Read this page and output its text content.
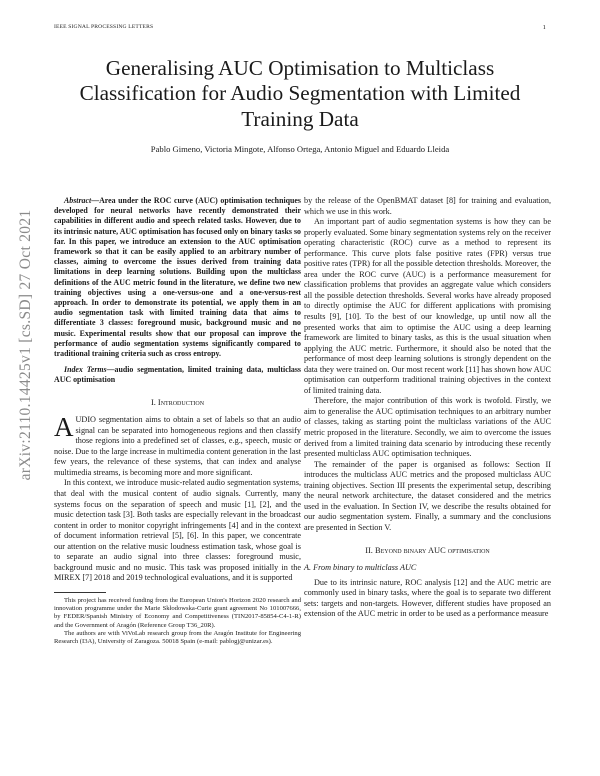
IEEE SIGNAL PROCESSING LETTERS	1
arXiv:2110.14425v1 [cs.SD] 27 Oct 2021
Generalising AUC Optimisation to Multiclass Classification for Audio Segmentation with Limited Training Data
Pablo Gimeno, Victoria Mingote, Alfonso Ortega, Antonio Miguel and Eduardo Lleida

Abstract—Area under the ROC curve (AUC) optimisation techniques developed for neural networks have recently demonstrated their capabilities in different audio and speech related tasks. However, due to its intrinsic nature, AUC optimisation has focused only on binary tasks so far. In this paper, we introduce an extension to the AUC optimisation framework so that it can be easily applied to an arbitrary number of classes, aiming to overcome the issues derived from training data limitations in deep learning solutions. Building upon the multiclass definitions of the AUC metric found in the literature, we define two new training objectives using a one-versus-one and a one-versus-rest approach. In order to demonstrate its potential, we apply them in an audio segmentation task with limited training data that aims to differentiate 3 classes: foreground music, background music and no music. Experimental results show that our proposal can improve the performance of audio segmentation systems significantly compared to traditional training criteria such as cross entropy.

Index Terms—audio segmentation, limited training data, multiclass AUC optimisation

I. Introduction

AUDIO segmentation aims to obtain a set of labels so that an audio signal can be separated into homogeneous regions and then classify those regions into a predefined set of classes, e.g., speech, music or noise. Due to the large increase in multimedia content generation in the last few years, the relevance of these systems, that can index and analyse multimedia streams, is becoming more and more significant.

In this context, we introduce music-related audio segmentation systems, that deal with the musical content of audio signals. Currently, many systems focus on the separation of speech and music [1], [2], and the music detection task [3]. Both tasks are especially relevant in the broadcast content in order to monitor copyright infringements [4] and in the context of document information retrieval [5], [6]. In this paper, we concentrate our attention on the relative music loudness estimation task, whose goal is to separate an audio signal into three classes: foreground music, background music and no music. This task was proposed initially in the MIREX [7] 2018 and 2019 technological evaluations, and it is supported

This project has received funding from the European Union's Horizon 2020 research and innovation programme under the Marie Skłodowska-Curie grant agreement No 101007666, by FEDER/Spanish Ministry of Economy and Competitiveness (TIN2017-85854-C4-1-R) and the Government of Aragón (Reference Group T36_20R).

The authors are with ViVoLab research group from the Aragón Institute for Engineering Research (I3A), University of Zaragoza. 50018 Spain (e-mail: pablogj@unizar.es).

by the release of the OpenBMAT dataset [8] for training and evaluation, which we use in this work.

An important part of audio segmentation systems is how they can be properly evaluated. Some binary segmentation systems rely on the receiver operating characteristic (ROC) curve as a method to represent its performance. This curve plots false positive rates (FPR) versus true positive rates (TPR) for all the possible detection thresholds. Moreover, the area under the ROC curve (AUC) is a performance measurement for classification problems that provides an aggregate value which considers all the possible detection thresholds. Several works have already proposed to directly optimise the AUC for different applications with promising results [9], [10]. To the best of our knowledge, up until now all the presented works that aim to optimise the AUC using a deep learning framework are limited to binary tasks, as this is the usual situation when applying the AUC metric. Furthermore, it should also be noted that the performance of most deep learning solutions is strongly dependent on the data they were trained on. Our most recent work [11] has shown how AUC optimisation can outperform traditional training objectives in the context of limited training data.

Therefore, the major contribution of this work is twofold. Firstly, we aim to generalise the AUC optimisation techniques to an arbitrary number of classes, taking as starting point the multiclass variations of the AUC metric proposed in the literature. Secondly, we aim to overcome the issues derived from a limited training data scenario by introducing these recently presented multiclass AUC optimisation techniques.

The remainder of the paper is organised as follows: Section II introduces the multiclass AUC metrics and the proposed multiclass AUC training objectives. Section III presents the experimental setup, describing the neural network architecture, the dataset considered and the metrics used in the evaluation. In Section IV, we describe the results obtained for our audio segmentation system. Finally, a summary and the conclusions are presented in Section V.

II. Beyond binary AUC optimisation

A. From binary to multiclass AUC

Due to its intrinsic nature, ROC analysis [12] and the AUC metric are commonly used in binary tasks, where the goal is to separate two different sets: targets and non-targets. However, different studies have proposed an extension of the AUC metric in order to be used as a performance measure
